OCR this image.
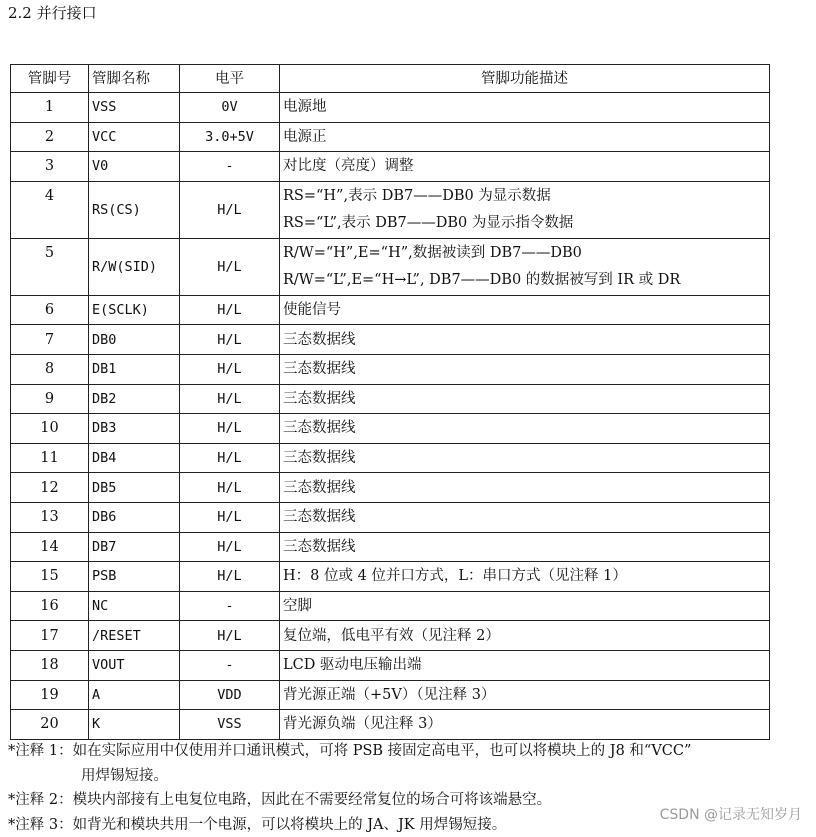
2.2 并行接口
管脚号	管脚名称	电平	管脚功能描述
1	VSS	0V	电源地

2	VCC	3.0+5V	电源正

3	V0	-	对比度（亮度）调整

4	RS(CS)	H/L	RS=“H”,表示 DB7——DB0 为显示数据
RS=“L”,表示 DB7——DB0 为显示指令数据

5	R/W(SID)	H/L	R/W=“H”,E=“H”,数据被读到 DB7——DB0
R/W=“L”,E=“H→L”, DB7——DB0 的数据被写到 IR 或 DR

6	E(SCLK)	H/L	使能信号

7	DB0	H/L	三态数据线

8	DB1	H/L	三态数据线

9	DB2	H/L	三态数据线

10	DB3	H/L	三态数据线

11	DB4	H/L	三态数据线

12	DB5	H/L	三态数据线

13	DB6	H/L	三态数据线

14	DB7	H/L	三态数据线

15	PSB	H/L	H：8 位或 4 位并口方式，L：串口方式（见注释 1）

16	NC	-	空脚

17	/RESET	H/L	复位端，低电平有效（见注释 2）

18	VOUT	-	LCD 驱动电压输出端

19	A	VDD	背光源正端（+5V）（见注释 3）

20	K	VSS	背光源负端（见注释 3）
*注释 1：如在实际应用中仅使用并口通讯模式，可将 PSB 接固定高电平，也可以将模块上的 J8 和“VCC”
用焊锡短接。
*注释 2：模块内部接有上电复位电路，因此在不需要经常复位的场合可将该端悬空。
*注释 3：如背光和模块共用一个电源，可以将模块上的 JA、JK 用焊锡短接。
CSDN @记录无知岁月
